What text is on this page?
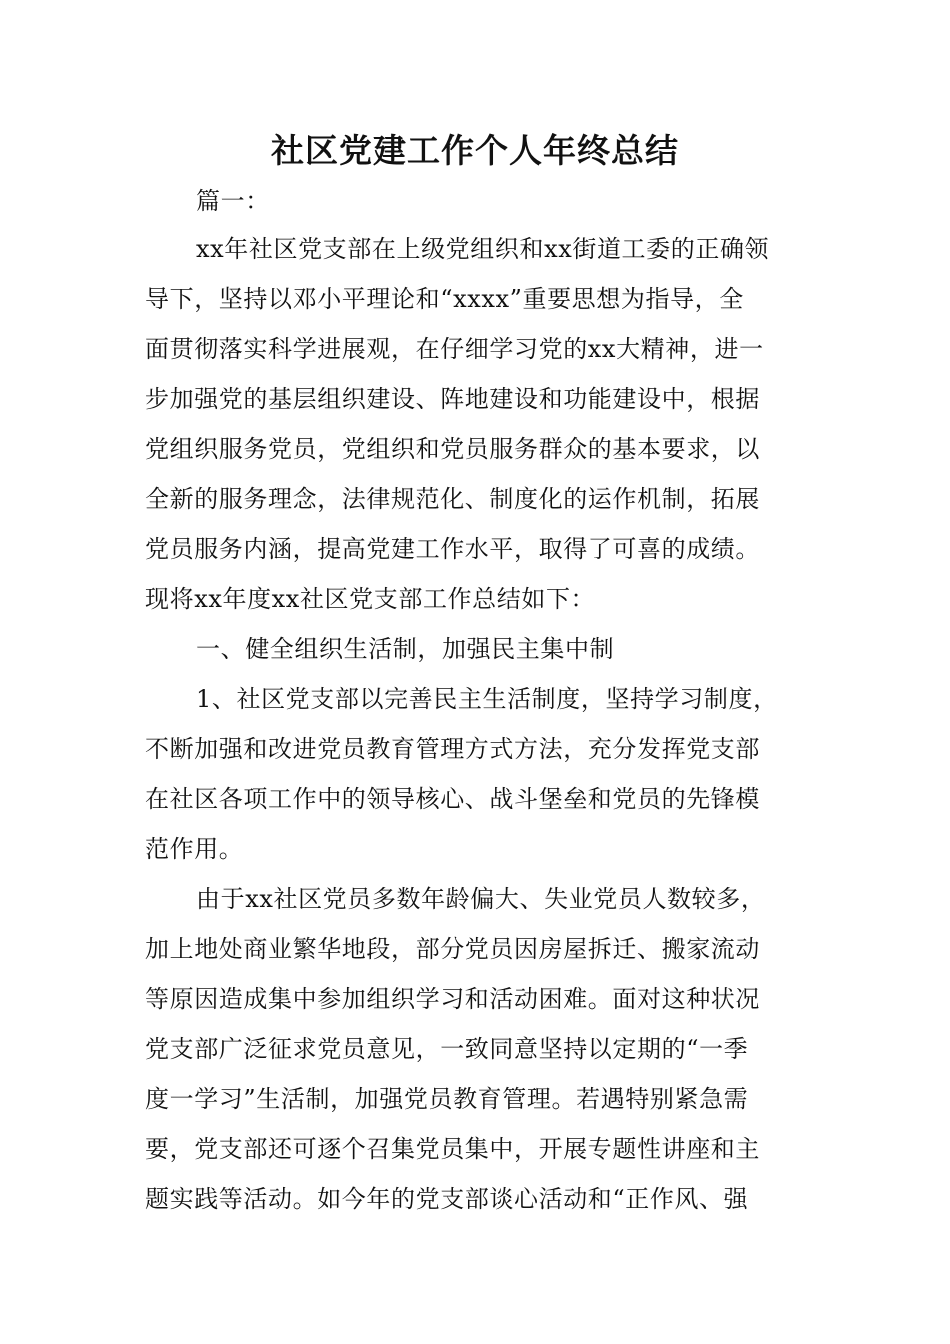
社区党建工作个人年终总结
篇一：
xx年社区党支部在上级党组织和xx街道工委的正确领
导下，坚持以邓小平理论和“xxxx”重要思想为指导，全
面贯彻落实科学进展观，在仔细学习党的xx大精神，进一
步加强党的基层组织建设、阵地建设和功能建设中，根据
党组织服务党员，党组织和党员服务群众的基本要求，以
全新的服务理念，法律规范化、制度化的运作机制，拓展
党员服务内涵，提高党建工作水平，取得了可喜的成绩。
现将xx年度xx社区党支部工作总结如下：
一、健全组织生活制，加强民主集中制
1、社区党支部以完善民主生活制度，坚持学习制度，
不断加强和改进党员教育管理方式方法，充分发挥党支部
在社区各项工作中的领导核心、战斗堡垒和党员的先锋模
范作用。
由于xx社区党员多数年龄偏大、失业党员人数较多，
加上地处商业繁华地段，部分党员因房屋拆迁、搬家流动
等原因造成集中参加组织学习和活动困难。面对这种状况
党支部广泛征求党员意见，一致同意坚持以定期的“一季
度一学习”生活制，加强党员教育管理。若遇特别紧急需
要，党支部还可逐个召集党员集中，开展专题性讲座和主
题实践等活动。如今年的党支部谈心活动和“正作风、强
